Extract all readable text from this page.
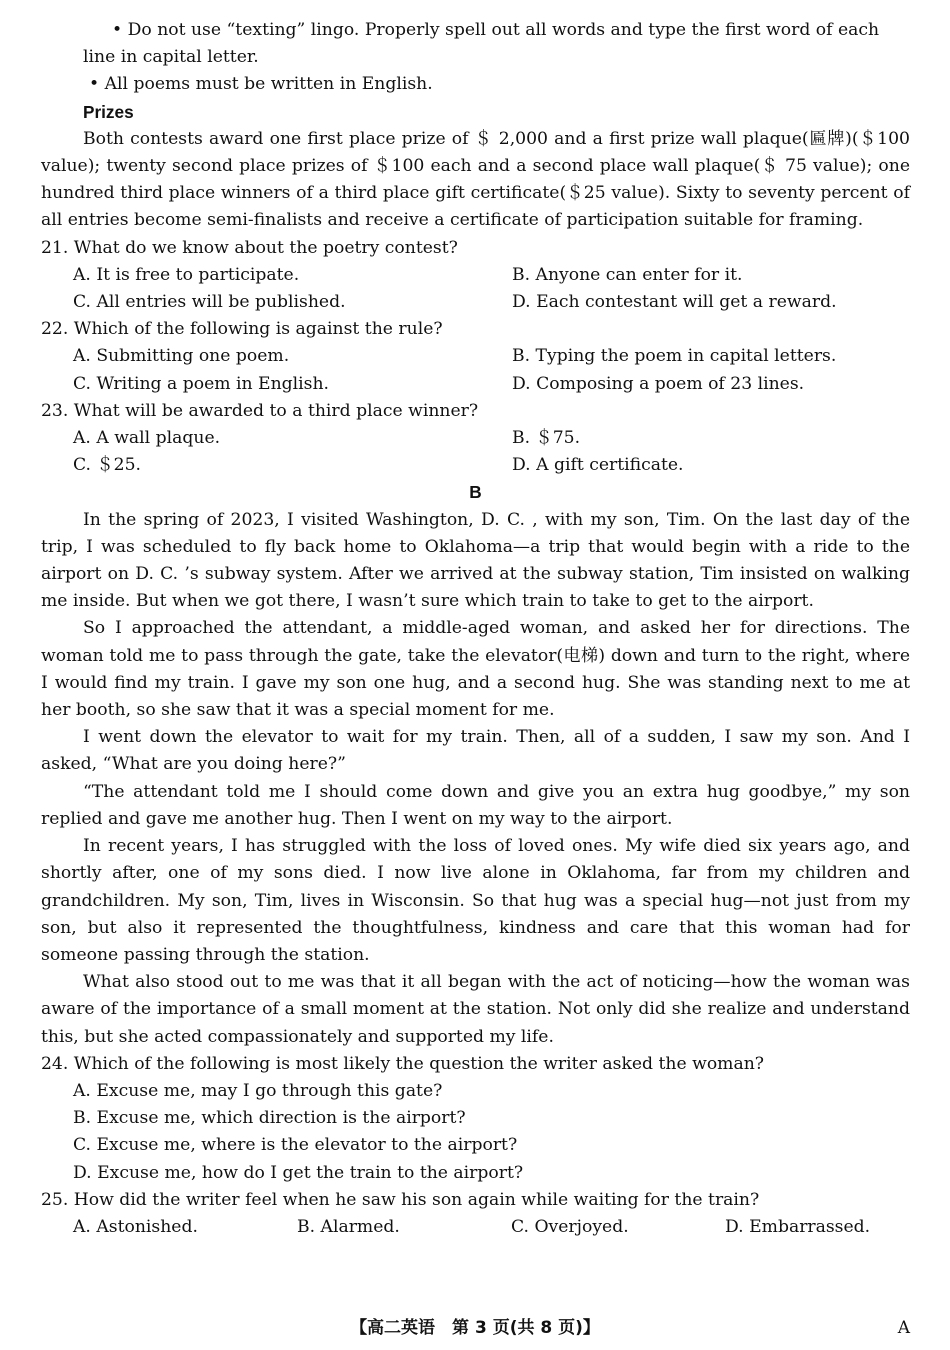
• Do not use “texting” lingo. Properly spell out all words and type the first word of each line in capital letter.

• All poems must be written in English.

Prizes

Both contests award one first place prize of ＄ 2,000 and a first prize wall plaque(匾牌)(＄100 value); twenty second place prizes of ＄100 each and a second place wall plaque(＄ 75 value); one hundred third place winners of a third place gift certificate(＄25 value). Sixty to seventy percent of all entries become semi-finalists and receive a certificate of participation suitable for framing.

21. What do we know about the poetry contest?

A. It is free to participate.	B. Anyone can enter for it.
C. All entries will be published.	D. Each contestant will get a reward.

22. Which of the following is against the rule?

A. Submitting one poem.	B. Typing the poem in capital letters.
C. Writing a poem in English.	D. Composing a poem of 23 lines.

23. What will be awarded to a third place winner?

A. A wall plaque.	B. ＄75.
C. ＄25.	D. A gift certificate.

B

In the spring of 2023, I visited Washington, D. C. , with my son, Tim. On the last day of the trip, I was scheduled to fly back home to Oklahoma—a trip that would begin with a ride to the airport on D. C. ’s subway system. After we arrived at the subway station, Tim insisted on walking me inside. But when we got there, I wasn’t sure which train to take to get to the airport.

So I approached the attendant, a middle-aged woman, and asked her for directions. The woman told me to pass through the gate, take the elevator(电梯) down and turn to the right, where I would find my train. I gave my son one hug, and a second hug. She was standing next to me at her booth, so she saw that it was a special moment for me.

I went down the elevator to wait for my train. Then, all of a sudden, I saw my son. And I asked, “What are you doing here?”

“The attendant told me I should come down and give you an extra hug goodbye,” my son replied and gave me another hug. Then I went on my way to the airport.

In recent years, I has struggled with the loss of loved ones. My wife died six years ago, and shortly after, one of my sons died. I now live alone in Oklahoma, far from my children and grandchildren. My son, Tim, lives in Wisconsin. So that hug was a special hug—not just from my son, but also it represented the thoughtfulness, kindness and care that this woman had for someone passing through the station.

What also stood out to me was that it all began with the act of noticing—how the woman was aware of the importance of a small moment at the station. Not only did she realize and understand this, but she acted compassionately and supported my life.

24. Which of the following is most likely the question the writer asked the woman?

A. Excuse me, may I go through this gate?

B. Excuse me, which direction is the airport?

C. Excuse me, where is the elevator to the airport?

D. Excuse me, how do I get the train to the airport?

25. How did the writer feel when he saw his son again while waiting for the train?

A. Astonished.	B. Alarmed.	C. Overjoyed.	D. Embarrassed.
【高二英语　第 3 页(共 8 页)】	A
